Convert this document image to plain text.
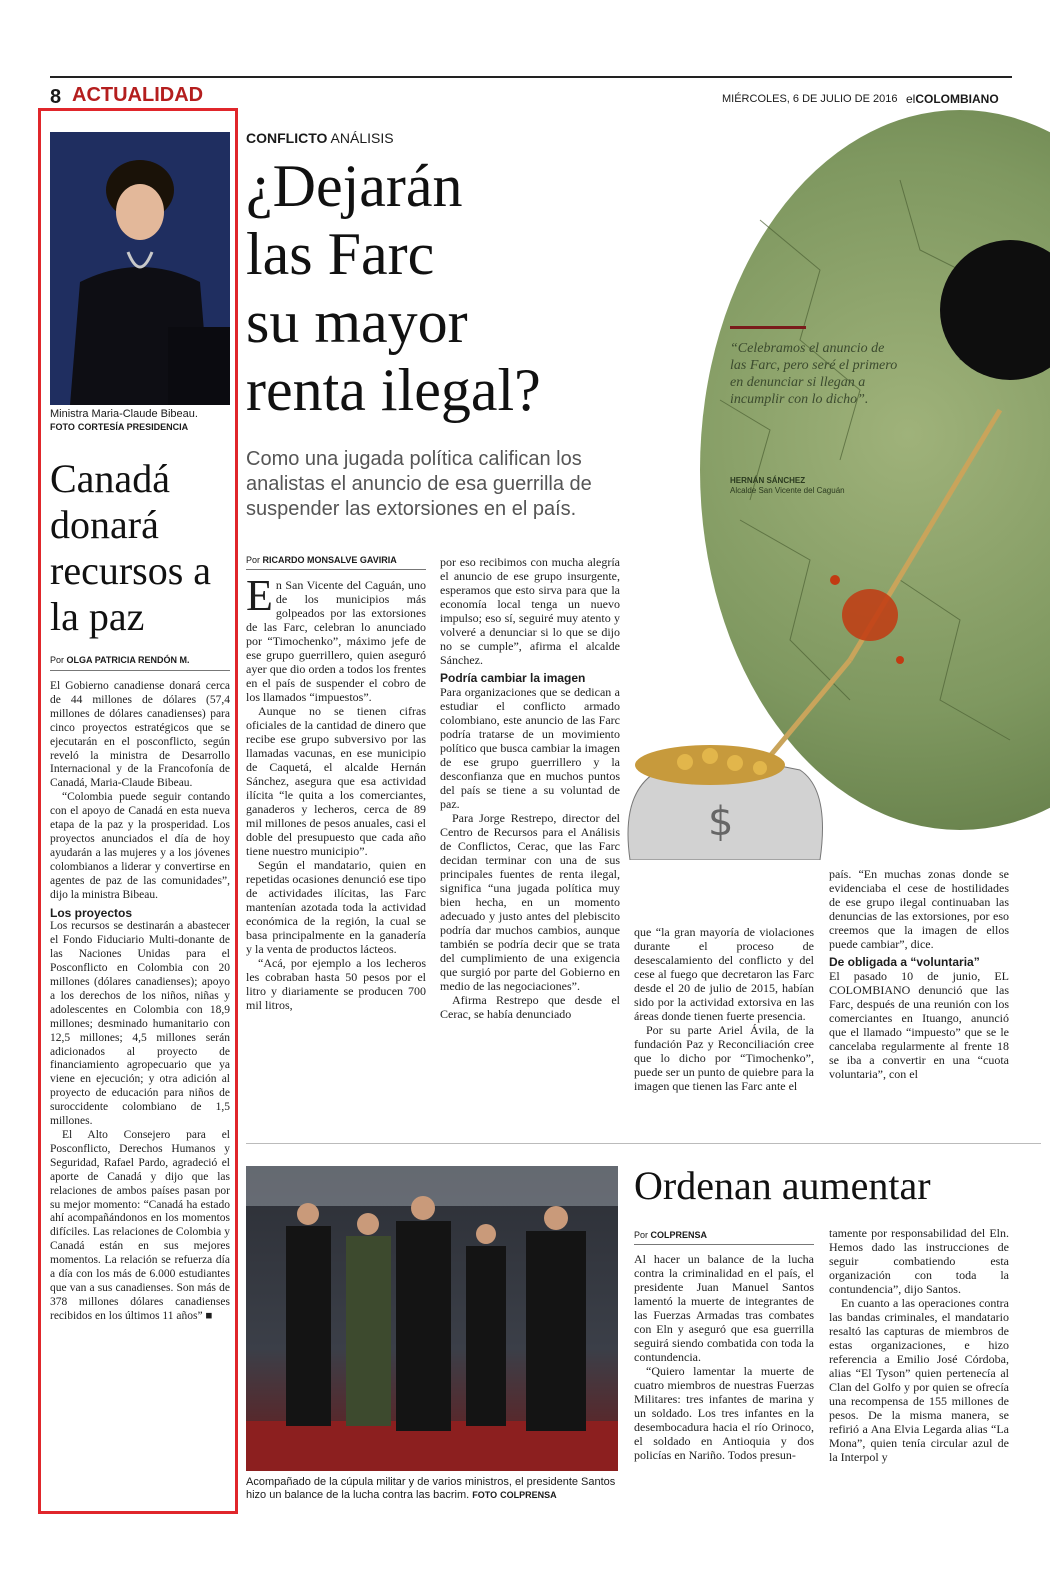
8 ACTUALIDAD	MIÉRCOLES, 6 DE JULIO DE 2016 elCOLOMBIANO
Ministra Maria-Claude Bibeau.
FOTO CORTESÍA PRESIDENCIA
Canadá donará recursos a la paz
Por OLGA PATRICIA RENDÓN M.

El Gobierno canadiense donará cerca de 44 millones de dólares (57,4 millones de dólares canadienses) para cinco proyectos estratégicos que se ejecutarán en el posconflicto, según reveló la ministra de Desarrollo Internacional y de la Francofonía de Canadá, Maria-Claude Bibeau.

“Colombia puede seguir contando con el apoyo de Canadá en esta nueva etapa de la paz y la prosperidad. Los proyectos anunciados el día de hoy ayudarán a las mujeres y a los jóvenes colombianos a liderar y convertirse en agentes de paz de las comunidades”, dijo la ministra Bibeau.

Los proyectos

Los recursos se destinarán a abastecer el Fondo Fiduciario Multi-donante de las Naciones Unidas para el Posconflicto en Colombia con 20 millones (dólares canadienses); apoyo a los derechos de los niños, niñas y adolescentes en Colombia con 18,9 millones; desminado humanitario con 12,5 millones; 4,5 millones serán adicionados al proyecto de financiamiento agropecuario que ya viene en ejecución; y otra adición al proyecto de educación para niños de suroccidente colombiano de 1,5 millones.

El Alto Consejero para el Posconflicto, Derechos Humanos y Seguridad, Rafael Pardo, agradeció el aporte de Canadá y dijo que las relaciones de ambos países pasan por su mejor momento: “Canadá ha estado ahí acompañándonos en los momentos difíciles. Las relaciones de Colombia y Canadá están en sus mejores momentos. La relación se refuerza día a día con los más de 6.000 estudiantes que van a sus canadienses. Son más de 378 millones dólares canadienses recibidos en los últimos 11 años” ■

CONFLICTO ANÁLISIS
¿Dejarán
las Farc
su mayor
renta ilegal?
$
“Celebramos el anuncio de las Farc, pero seré el primero en denunciar si llegan a incumplir con lo dicho”.
HERNÁN SÁNCHEZ
Alcalde San Vicente del Caguán
Como una jugada política califican los analistas el anuncio de esa guerrilla de suspender las extorsiones en el país.
Por RICARDO MONSALVE GAVIRIA

En San Vicente del Caguán, uno de los municipios más golpeados por las extorsiones de las Farc, celebran lo anunciado por “Timochenko”, máximo jefe de ese grupo guerrillero, quien aseguró ayer que dio orden a todos los frentes en el país de suspender el cobro de los llamados “impuestos”.

Aunque no se tienen cifras oficiales de la cantidad de dinero que recibe ese grupo subversivo por las llamadas vacunas, en ese municipio de Caquetá, el alcalde Hernán Sánchez, asegura que esa actividad ilícita “le quita a los comerciantes, ganaderos y lecheros, cerca de 89 mil millones de pesos anuales, casi el doble del presupuesto que cada año tiene nuestro municipio”.

Según el mandatario, quien en repetidas ocasiones denunció ese tipo de actividades ilícitas, las Farc mantenían azotada toda la actividad económica de la región, la cual se basa principalmente en la ganadería y la venta de productos lácteos.

“Acá, por ejemplo a los lecheros les cobraban hasta 50 pesos por el litro y diariamente se producen 700 mil litros,

por eso recibimos con mucha alegría el anuncio de ese grupo insurgente, esperamos que esto sirva para que la economía local tenga un nuevo impulso; eso sí, seguiré muy atento y volveré a denunciar si lo que se dijo no se cumple”, afirma el alcalde Sánchez.

Podría cambiar la imagen

Para organizaciones que se dedican a estudiar el conflicto armado colombiano, este anuncio de las Farc podría tratarse de un movimiento político que busca cambiar la imagen de ese grupo guerrillero y la desconfianza que en muchos puntos del país se tiene a su voluntad de paz.

Para Jorge Restrepo, director del Centro de Recursos para el Análisis de Conflictos, Cerac, que las Farc decidan terminar con una de sus principales fuentes de renta ilegal, significa “una jugada política muy bien hecha, en un momento adecuado y justo antes del plebiscito podría dar muchos cambios, aunque también se podría decir que se trata del cumplimiento de una exigencia que surgió por parte del Gobierno en medio de las negociaciones”.

Afirma Restrepo que desde el Cerac, se había denunciado

que “la gran mayoría de violaciones durante el proceso de desescalamiento del conflicto y del cese al fuego que decretaron las Farc desde el 20 de julio de 2015, habían sido por la actividad extorsiva en las áreas donde tienen fuerte presencia.

Por su parte Ariel Ávila, de la fundación Paz y Reconciliación cree que lo dicho por “Timochenko”, puede ser un punto de quiebre para la imagen que tienen las Farc ante el

país. “En muchas zonas donde se evidenciaba el cese de hostilidades de ese grupo ilegal continuaban las denuncias de las extorsiones, por eso creemos que la imagen de ellos puede cambiar”, dice.

De obligada a “voluntaria”

El pasado 10 de junio, EL COLOMBIANO denunció que las Farc, después de una reunión con los comerciantes en Ituango, anunció que el llamado “impuesto” que se le cancelaba regularmente al frente 18 se iba a convertir en una “cuota voluntaria”, con el

Acompañado de la cúpula militar y de varios ministros, el presidente Santos hizo un balance de la lucha contra las bacrim. FOTO COLPRENSA
Ordenan aumentar
Por COLPRENSA

Al hacer un balance de la lucha contra la criminalidad en el país, el presidente Juan Manuel Santos lamentó la muerte de integrantes de las Fuerzas Armadas tras combates con Eln y aseguró que esa guerrilla seguirá siendo combatida con toda la contundencia.

“Quiero lamentar la muerte de cuatro miembros de nuestras Fuerzas Militares: tres infantes de marina y un soldado. Los tres infantes en la desembocadura hacia el río Orinoco, el soldado en Antioquia y dos policías en Nariño. Todos presun-

tamente por responsabilidad del Eln. Hemos dado las instrucciones de seguir combatiendo esta organización con toda la contundencia”, dijo Santos.

En cuanto a las operaciones contra las bandas criminales, el mandatario resaltó las capturas de miembros de estas organizaciones, e hizo referencia a Emilio José Córdoba, alias “El Tyson” quien pertenecía al Clan del Golfo y por quien se ofrecía una recompensa de 155 millones de pesos. De la misma manera, se refirió a Ana Elvia Legarda alias “La Mona”, quien tenía circular azul de la Interpol y
